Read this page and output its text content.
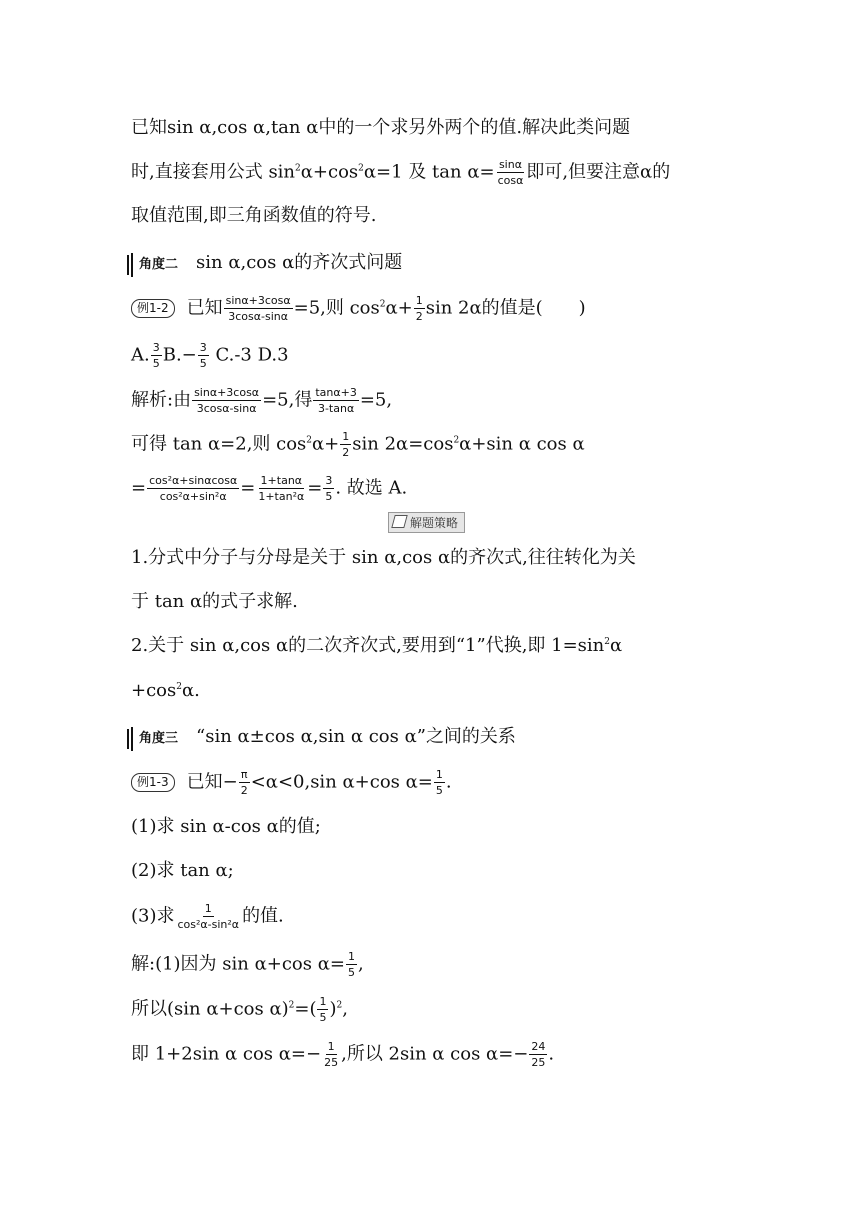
已知sin α,cos α,tan α中的一个求另外两个的值.解决此类问题
时,直接套用公式 $\sin^2\alpha+\cos^2\alpha=1$ 及 $\tan \alpha= \frac{\sin\alpha}{\cos\alpha}$ 即可,但要注意α的
取值范围,即三角函数值的符号.
角度二 sin α,cos α的齐次式问题
例1-2 已知 $\frac{\sin\alpha+3\cos\alpha}{3\cos\alpha-\sin\alpha} =5$,则 $\cos^2\alpha+ \frac{1}{2}$ sin 2α的值是(　　)
A. $\frac{3}{5} B.- \frac{3}{5} C.-3$ D.3
解析:由 $\frac{\sin\alpha+3\cos\alpha}{3\cos\alpha-\sin\alpha} =5$,得 $\frac{\tan\alpha+3}{3-\tan\alpha} =5$,
可得 tan α=2,则 $\cos^2\alpha+ \frac{1}{2}$ $\sin 2\alpha=\cos^2\alpha+\sin$ α cos α
= $\frac{\text{cos²α+sinαcosα}}{\text{cos²α+sin²α}} = \frac{1+\tan\alpha}{\text{1+tan²α}} = \frac{3}{5}$ . 故选 A.
解题策略
1.分式中分子与分母是关于 sin α,cos α的齐次式,往往转化为关
于 tan α的式子求解.
2.关于 sin α,cos α的二次齐次式,要用到“1”代换,即 $1=\sin^2\alpha$
$+\cos^2\alpha$.
角度三 “sin α±cos α,sin α cos α”之间的关系
例1-3 已知− $\frac{\pi}{2} <\alpha<0,\sin$ α+cos $\alpha= \frac{1}{5}$ .
(1)求 sin α-cos α的值;
(2)求 tan α;
(3)求 $\frac{1}{\text{cos²α-sin²α}}$ 的值.
解:(1)因为 sin α+cos $\alpha= \frac{1}{5}$ ,
所以(sin α+cos $\alpha)^2=( \frac{1}{5} )^2$,
即 1+2sin α $\cos \alpha=- \frac{1}{25}$ ,所以 2sin α $\cos \alpha=- \frac{24}{25}$ .
